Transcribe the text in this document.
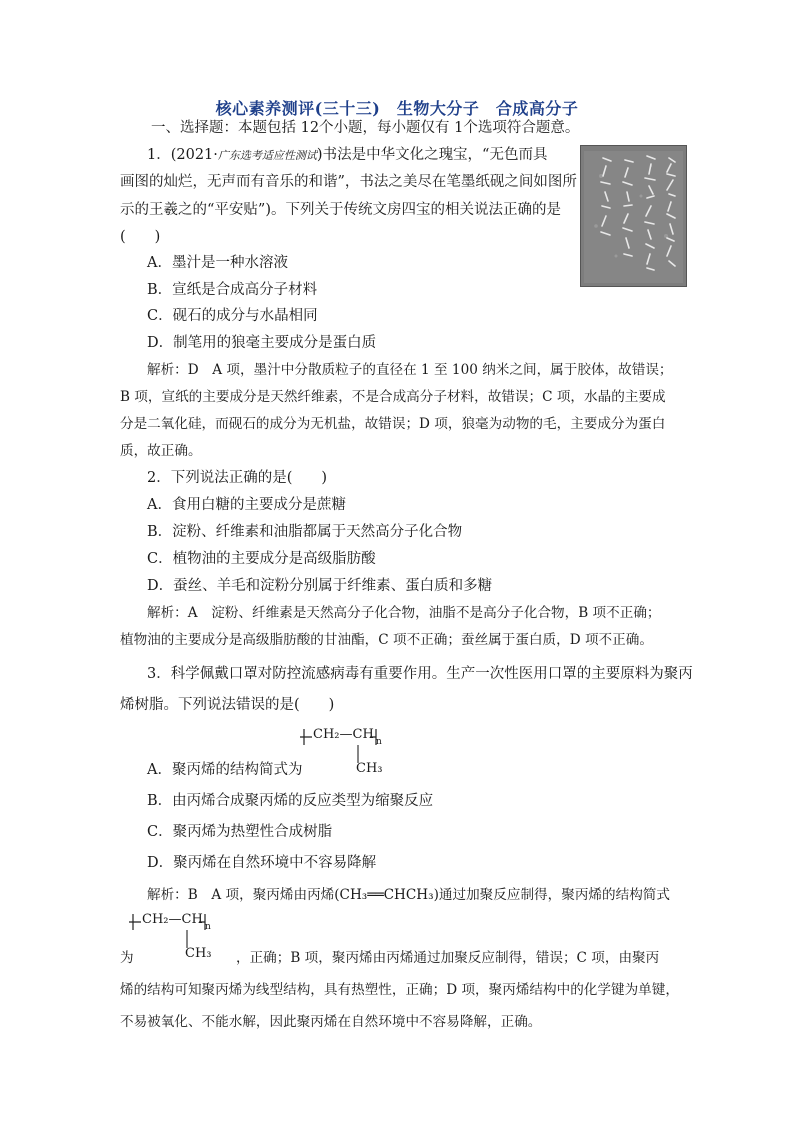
核心素养测评(三十三)　生物大分子　合成高分子
一、选择题：本题包括 12个小题，每小题仅有 1个选项符合题意。
1．(2021·广东选考适应性测试)书法是中华文化之瑰宝，“无色而具
画图的灿烂，无声而有音乐的和谐”，书法之美尽在笔墨纸砚之间如图所
示的王羲之的“平安贴”)。下列关于传统文房四宝的相关说法正确的是
(　　)
A．墨汁是一种水溶液
B．宣纸是合成高分子材料
C．砚石的成分与水晶相同
D．制笔用的狼毫主要成分是蛋白质
解析：D　A 项，墨汁中分散质粒子的直径在 1 至 100 纳米之间，属于胶体，故错误；
B 项，宣纸的主要成分是天然纤维素，不是合成高分子材料，故错误；C 项，水晶的主要成
分是二氧化硅，而砚石的成分为无机盐，故错误；D 项，狼毫为动物的毛，主要成分为蛋白
质，故正确。
2．下列说法正确的是(　　)
A．食用白糖的主要成分是蔗糖
B．淀粉、纤维素和油脂都属于天然高分子化合物
C．植物油的主要成分是高级脂肪酸
D．蚕丝、羊毛和淀粉分别属于纤维素、蛋白质和多糖
解析：A　淀粉、纤维素是天然高分子化合物，油脂不是高分子化合物，B 项不正确；
植物油的主要成分是高级脂肪酸的甘油酯，C 项不正确；蚕丝属于蛋白质，D 项不正确。
3．科学佩戴口罩对防控流感病毒有重要作用。生产一次性医用口罩的主要原料为聚丙
烯树脂。下列说法错误的是(　　)
CH₂—CH n
CH₃
A．聚丙烯的结构简式为
B．由丙烯合成聚丙烯的反应类型为缩聚反应
C．聚丙烯为热塑性合成树脂
D．聚丙烯在自然环境中不容易降解
解析：B　A 项，聚丙烯由丙烯(CH₃══CHCH₃)通过加聚反应制得，聚丙烯的结构简式
CH₂—CH n
CH₃
为	，正确；B 项，聚丙烯由丙烯通过加聚反应制得，错误；C 项，由聚丙
烯的结构可知聚丙烯为线型结构，具有热塑性，正确；D 项，聚丙烯结构中的化学键为单键，
不易被氧化、不能水解，因此聚丙烯在自然环境中不容易降解，正确。
